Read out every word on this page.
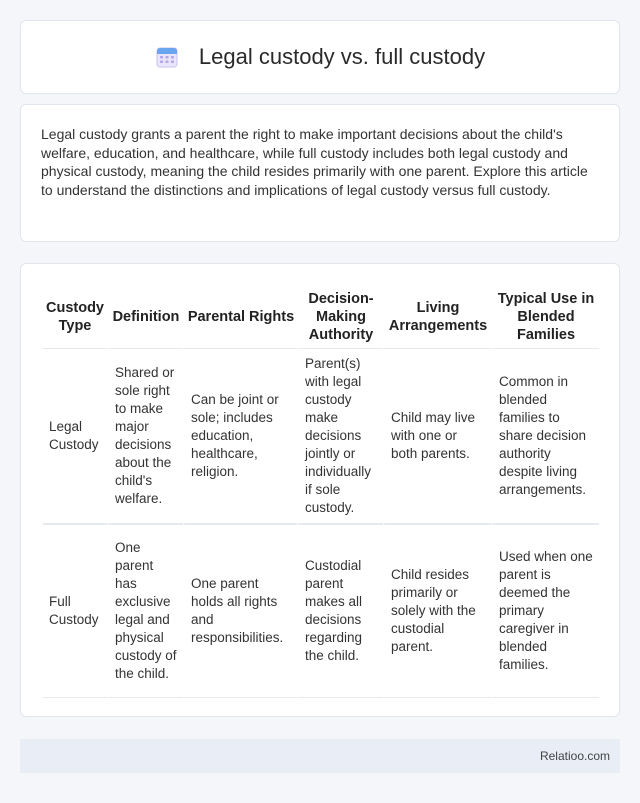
Legal custody vs. full custody

Legal custody grants a parent the right to make important decisions about the child's welfare, education, and healthcare, while full custody includes both legal custody and physical custody, meaning the child resides primarily with one parent. Explore this article to understand the distinctions and implications of legal custody versus full custody.

Custody Type	Definition	Parental Rights	Decision-Making Authority	Living Arrangements	Typical Use in Blended Families
Legal Custody	Shared or sole right to make major decisions about the child's welfare.	Can be joint or sole; includes education, healthcare, religion.	Parent(s) with legal custody make decisions jointly or individually if sole custody.	Child may live with one or both parents.	Common in blended families to share decision authority despite living arrangements.
Full Custody	One parent has exclusive legal and physical custody of the child.	One parent holds all rights and responsibilities.	Custodial parent makes all decisions regarding the child.	Child resides primarily or solely with the custodial parent.	Used when one parent is deemed the primary caregiver in blended families.
Relatioo.com
